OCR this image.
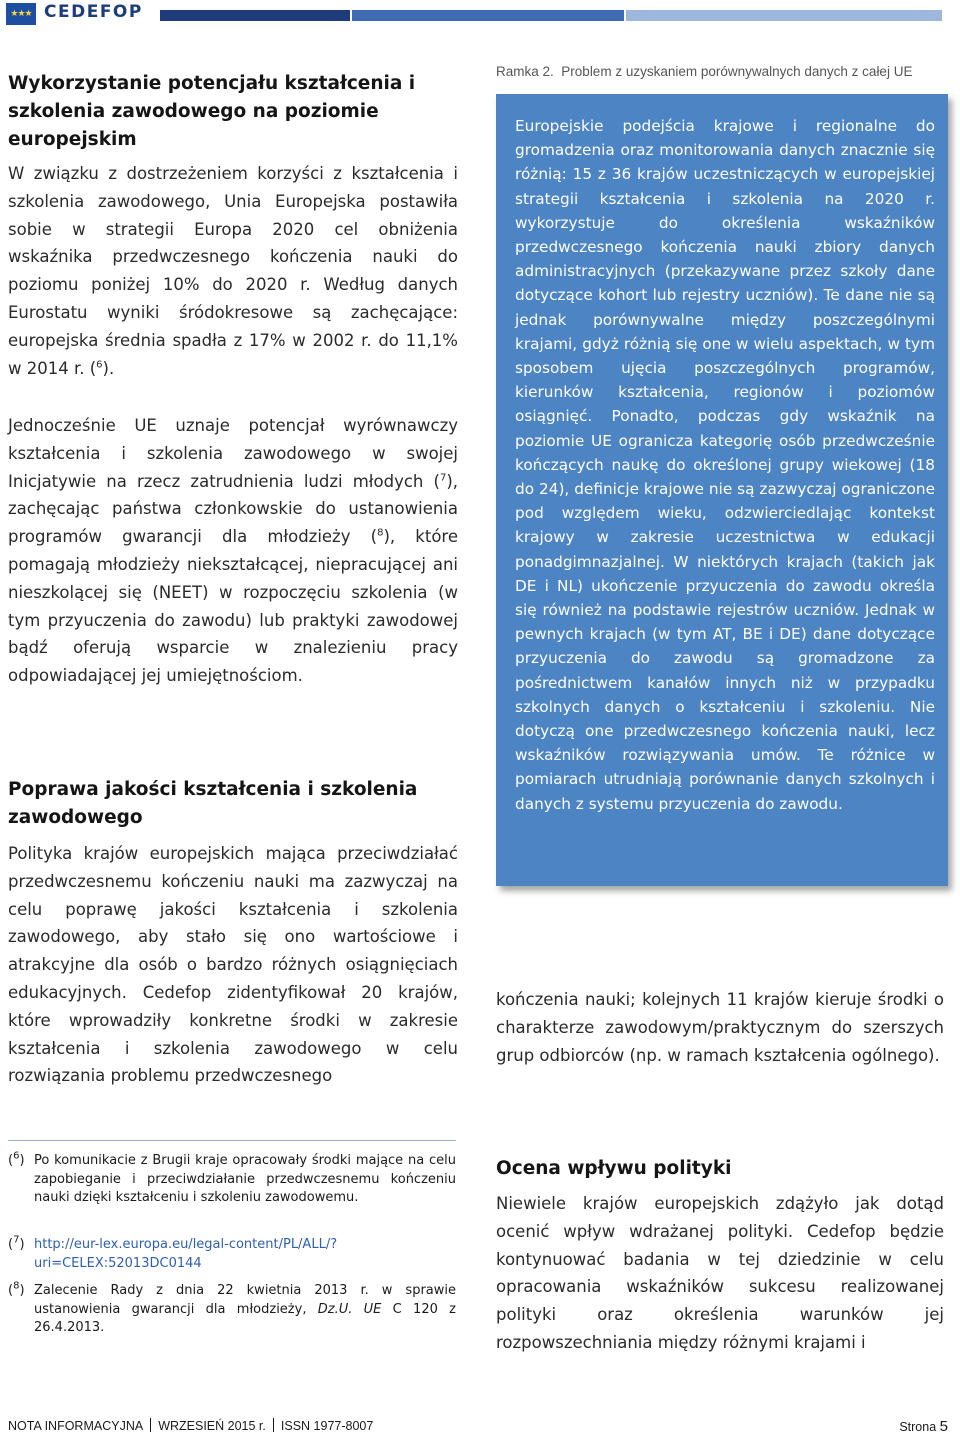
★★★ CEDEFOP
Wykorzystanie potencjału kształcenia i szkolenia zawodowego na poziomie europejskim

W związku z dostrzeżeniem korzyści z kształcenia i szkolenia zawodowego, Unia Europejska postawiła sobie w strategii Europa 2020 cel obniżenia wskaźnika przedwczesnego kończenia nauki do poziomu poniżej 10% do 2020 r. Według danych Eurostatu wyniki śródokresowe są zachęcające: europejska średnia spadła z 17% w 2002 r. do 11,1% w 2014 r. ($^6$).

Jednocześnie UE uznaje potencjał wyrównawczy kształcenia i szkolenia zawodowego w swojej Inicjatywie na rzecz zatrudnienia ludzi młodych ($^7$), zachęcając państwa członkowskie do ustanowienia programów gwarancji dla młodzieży ($^8$), które pomagają młodzieży niekształcącej, niepracującej ani nieszkolącej się (NEET) w rozpoczęciu szkolenia (w tym przyuczenia do zawodu) lub praktyki zawodowej bądź oferują wsparcie w znalezieniu pracy odpowiadającej jej umiejętnościom.

Poprawa jakości kształcenia i szkolenia zawodowego

Polityka krajów europejskich mająca przeciwdziałać przedwczesnemu kończeniu nauki ma zazwyczaj na celu poprawę jakości kształcenia i szkolenia zawodowego, aby stało się ono wartościowe i atrakcyjne dla osób o bardzo różnych osiągnięciach edukacyjnych. Cedefop zidentyfikował 20 krajów, które wprowadziły konkretne środki w zakresie kształcenia i szkolenia zawodowego w celu rozwiązania problemu przedwczesnego

Ramka 2. Problem z uzyskaniem porównywalnych danych z całej UE

Europejskie podejścia krajowe i regionalne do gromadzenia oraz monitorowania danych znacznie się różnią: 15 z 36 krajów uczestniczących w europejskiej strategii kształcenia i szkolenia na 2020 r. wykorzystuje do określenia wskaźników przedwczesnego kończenia nauki zbiory danych administracyjnych (przekazywane przez szkoły dane dotyczące kohort lub rejestry uczniów). Te dane nie są jednak porównywalne między poszczególnymi krajami, gdyż różnią się one w wielu aspektach, w tym sposobem ujęcia poszczególnych programów, kierunków kształcenia, regionów i poziomów osiągnięć. Ponadto, podczas gdy wskaźnik na poziomie UE ogranicza kategorię osób przedwcześnie kończących naukę do określonej grupy wiekowej (18 do 24), definicje krajowe nie są zazwyczaj ograniczone pod względem wieku, odzwierciedlając kontekst krajowy w zakresie uczestnictwa w edukacji ponadgimnazjalnej. W niektórych krajach (takich jak DE i NL) ukończenie przyuczenia do zawodu określa się również na podstawie rejestrów uczniów. Jednak w pewnych krajach (w tym AT, BE i DE) dane dotyczące przyuczenia do zawodu są gromadzone za pośrednictwem kanałów innych niż w przypadku szkolnych danych o kształceniu i szkoleniu. Nie dotyczą one przedwczesnego kończenia nauki, lecz wskaźników rozwiązywania umów. Te różnice w pomiarach utrudniają porównanie danych szkolnych i danych z systemu przyuczenia do zawodu.

kończenia nauki; kolejnych 11 krajów kieruje środki o charakterze zawodowym/praktycznym do szerszych grup odbiorców (np. w ramach kształcenia ogólnego).

Ocena wpływu polityki

Niewiele krajów europejskich zdążyło jak dotąd ocenić wpływ wdrażanej polityki. Cedefop będzie kontynuować badania w tej dziedzinie w celu opracowania wskaźników sukcesu realizowanej polityki oraz określenia warunków jej rozpowszechniania między różnymi krajami i

($^6$) Po komunikacie z Brugii kraje opracowały środki mające na celu zapobieganie i przeciwdziałanie przedwczesnemu kończeniu nauki dzięki kształceniu i szkoleniu zawodowemu.
($^7$) http://eur-lex.europa.eu/legal-content/PL/ALL/?uri=CELEX:52013DC0144
($^8$) Zalecenie Rady z dnia 22 kwietnia 2013 r. w sprawie ustanowienia gwarancji dla młodzieży, Dz.U. UE C 120 z 26.4.2013.
NOTA INFORMACYJNA WRZESIEŃ 2015 r. ISSN 1977-8007	Strona 5
